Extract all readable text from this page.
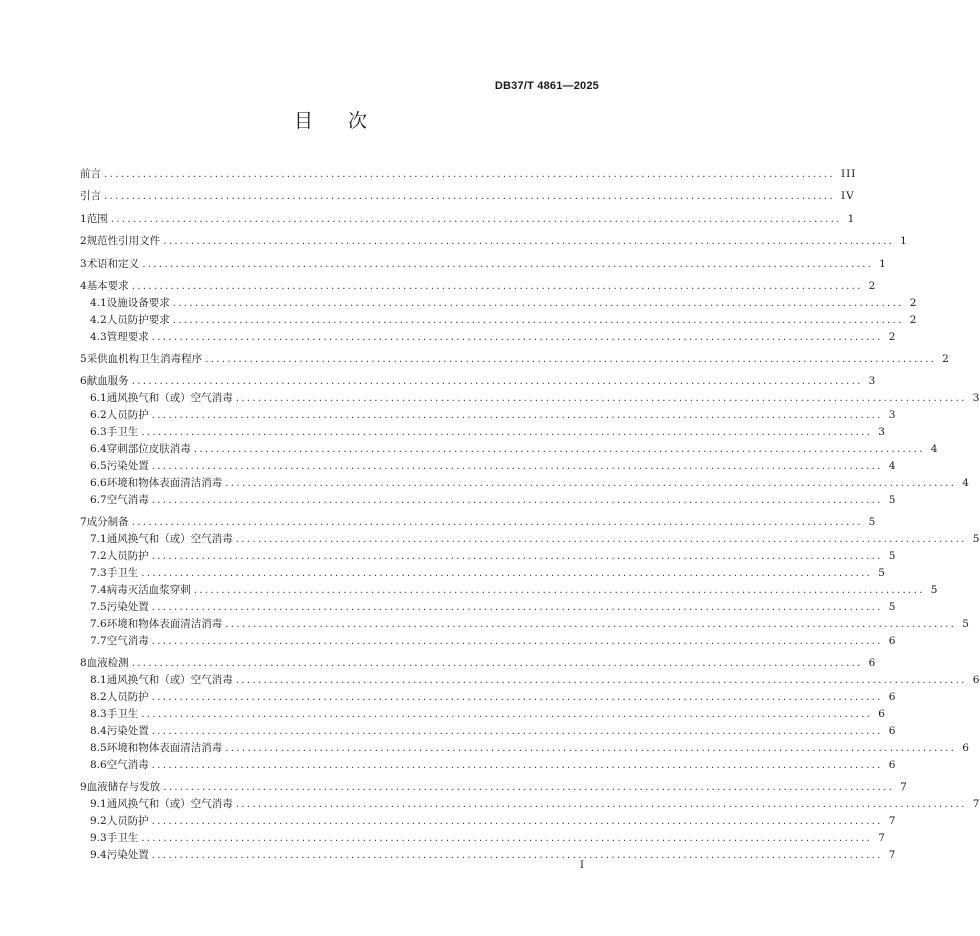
DB37/T 4861—2025
目 次
前言 .................................................................................................................................... III
引言 .................................................................................................................................... IV
1 范围 .................................................................................................................................... 1
2 规范性引用文件 .................................................................................................................................... 1
3 术语和定义 .................................................................................................................................... 1
4 基本要求 .................................................................................................................................... 2
4.1 设施设备要求 .................................................................................................................................... 2
4.2 人员防护要求 .................................................................................................................................... 2
4.3 管理要求 .................................................................................................................................... 2
5 采供血机构卫生消毒程序 .................................................................................................................................... 2
6 献血服务 .................................................................................................................................... 3
6.1 通风换气和（或）空气消毒 .................................................................................................................................... 3
6.2 人员防护 .................................................................................................................................... 3
6.3 手卫生 .................................................................................................................................... 3
6.4 穿刺部位皮肤消毒 .................................................................................................................................... 4
6.5 污染处置 .................................................................................................................................... 4
6.6 环境和物体表面清洁消毒 .................................................................................................................................... 4
6.7 空气消毒 .................................................................................................................................... 5
7 成分制备 .................................................................................................................................... 5
7.1 通风换气和（或）空气消毒 .................................................................................................................................... 5
7.2 人员防护 .................................................................................................................................... 5
7.3 手卫生 .................................................................................................................................... 5
7.4 病毒灭活血浆穿刺 .................................................................................................................................... 5
7.5 污染处置 .................................................................................................................................... 5
7.6 环境和物体表面清洁消毒 .................................................................................................................................... 5
7.7 空气消毒 .................................................................................................................................... 6
8 血液检测 .................................................................................................................................... 6
8.1 通风换气和（或）空气消毒 .................................................................................................................................... 6
8.2 人员防护 .................................................................................................................................... 6
8.3 手卫生 .................................................................................................................................... 6
8.4 污染处置 .................................................................................................................................... 6
8.5 环境和物体表面清洁消毒 .................................................................................................................................... 6
8.6 空气消毒 .................................................................................................................................... 6
9 血液储存与发放 .................................................................................................................................... 7
9.1 通风换气和（或）空气消毒 .................................................................................................................................... 7
9.2 人员防护 .................................................................................................................................... 7
9.3 手卫生 .................................................................................................................................... 7
9.4 污染处置 .................................................................................................................................... 7
I
